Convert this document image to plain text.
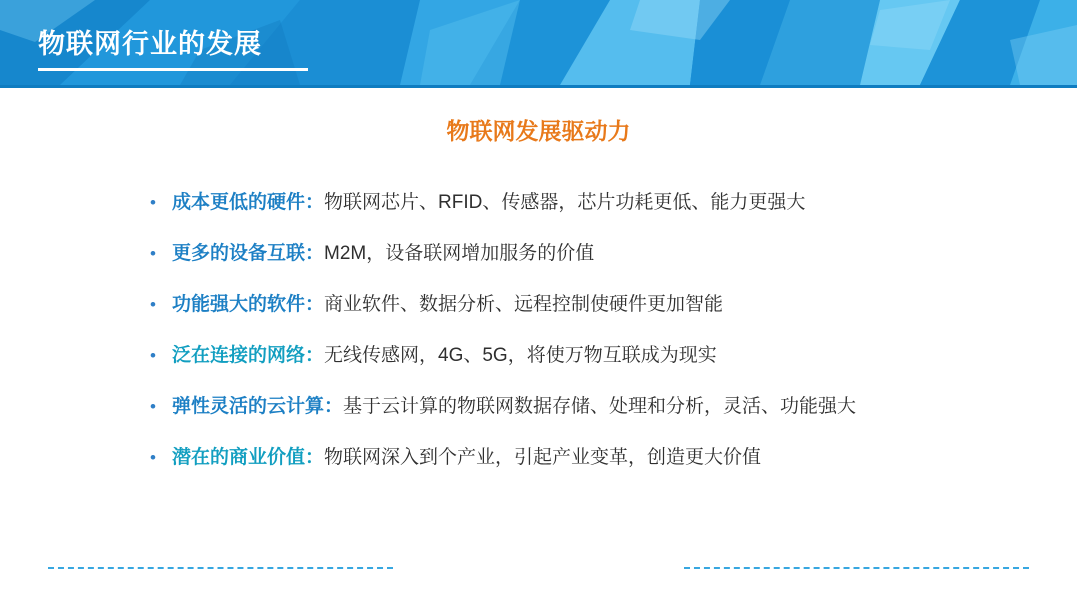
物联网行业的发展
物联网发展驱动力
• 成本更低的硬件：物联网芯片、RFID、传感器，芯片功耗更低、能力更强大
• 更多的设备互联：M2M，设备联网增加服务的价值
• 功能强大的软件：商业软件、数据分析、远程控制使硬件更加智能
• 泛在连接的网络：无线传感网，4G、5G，将使万物互联成为现实
• 弹性灵活的云计算：基于云计算的物联网数据存储、处理和分析，灵活、功能强大
• 潜在的商业价值：物联网深入到个产业，引起产业变革，创造更大价值
